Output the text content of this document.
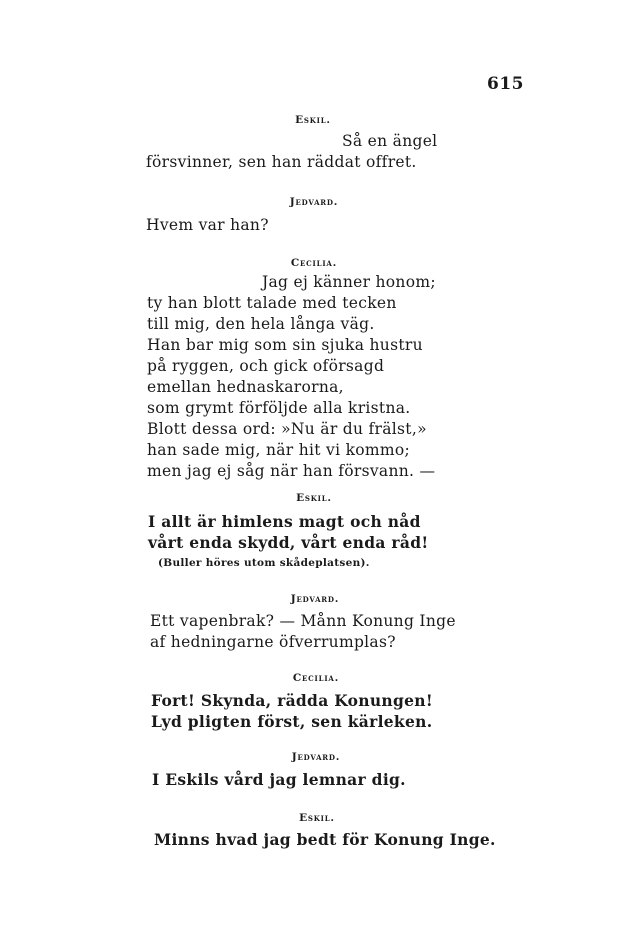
615
Eskil.
Så en ängel
försvinner, sen han räddat offret.
Jedvard.
Hvem var han?
Cecilia.
Jag ej känner honom;
ty han blott talade med tecken
till mig, den hela långa väg.
Han bar mig som sin sjuka hustru
på ryggen, och gick oförsagd
emellan hednaskarorna,
som grymt förföljde alla kristna.
Blott dessa ord: »Nu är du frälst,»
han sade mig, när hit vi kommo;
men jag ej såg när han försvann. —
Eskil.
I allt är himlens magt och nåd
vårt enda skydd, vårt enda råd!
(Buller höres utom skådeplatsen).
Jedvard.
Ett vapenbrak? — Månn Konung Inge
af hedningarne öfverrumplas?
Cecilia.
Fort! Skynda, rädda Konungen!
Lyd pligten först, sen kärleken.
Jedvard.
I Eskils vård jag lemnar dig.
Eskil.
Minns hvad jag bedt för Konung Inge.
